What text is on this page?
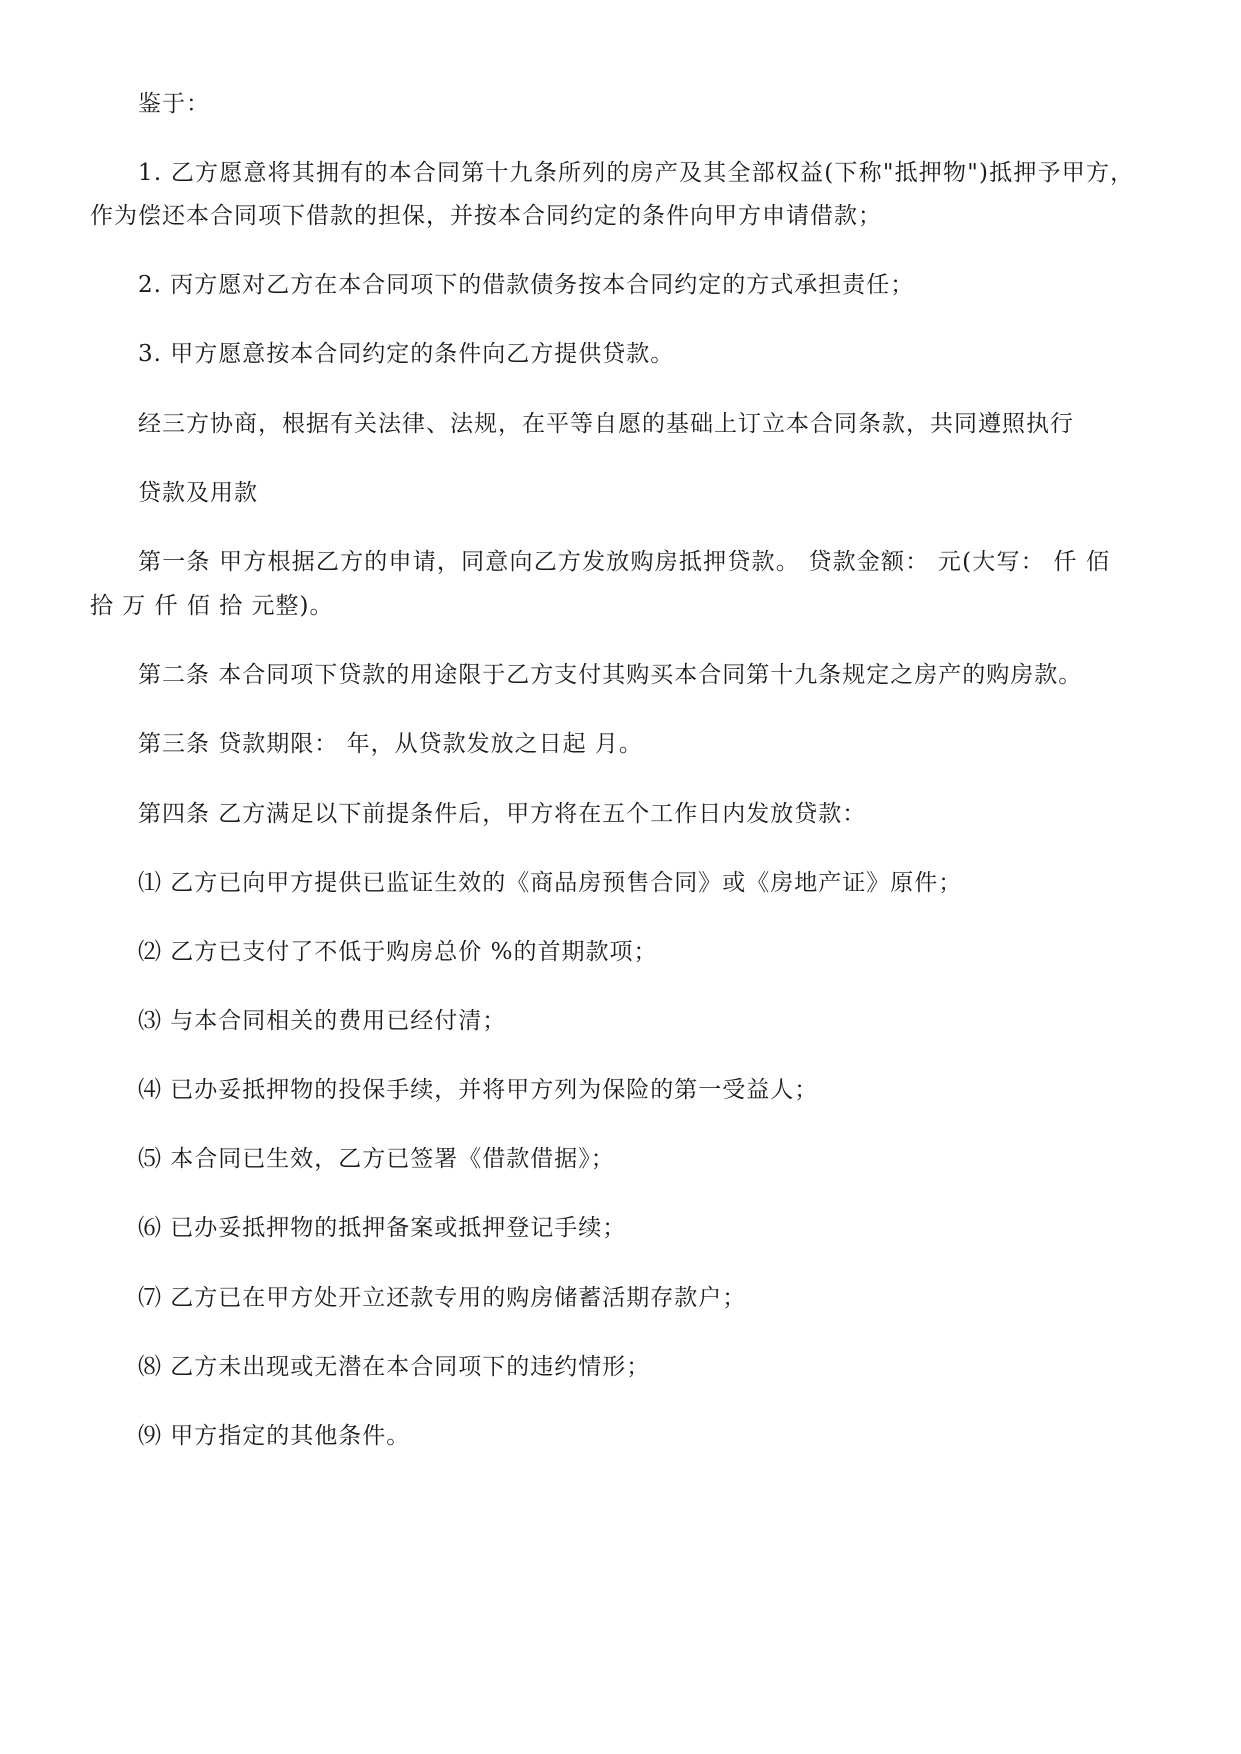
鉴于：
1. 乙方愿意将其拥有的本合同第十九条所列的房产及其全部权益(下称"抵押物")抵押予甲方，
作为偿还本合同项下借款的担保，并按本合同约定的条件向甲方申请借款；
2. 丙方愿对乙方在本合同项下的借款债务按本合同约定的方式承担责任；
3. 甲方愿意按本合同约定的条件向乙方提供贷款。
经三方协商，根据有关法律、法规，在平等自愿的基础上订立本合同条款，共同遵照执行
贷款及用款
第一条 甲方根据乙方的申请，同意向乙方发放购房抵押贷款。 贷款金额： 元(大写： 仟 佰
拾 万 仟 佰 拾 元整)。
第二条 本合同项下贷款的用途限于乙方支付其购买本合同第十九条规定之房产的购房款。
第三条 贷款期限： 年，从贷款发放之日起 月。
第四条 乙方满足以下前提条件后，甲方将在五个工作日内发放贷款：
⑴ 乙方已向甲方提供已监证生效的《商品房预售合同》或《房地产证》原件；
⑵ 乙方已支付了不低于购房总价 %的首期款项；
⑶ 与本合同相关的费用已经付清；
⑷ 已办妥抵押物的投保手续，并将甲方列为保险的第一受益人；
⑸ 本合同已生效，乙方已签署《借款借据》；
⑹ 已办妥抵押物的抵押备案或抵押登记手续；
⑺ 乙方已在甲方处开立还款专用的购房储蓄活期存款户；
⑻ 乙方未出现或无潜在本合同项下的违约情形；
⑼ 甲方指定的其他条件。
